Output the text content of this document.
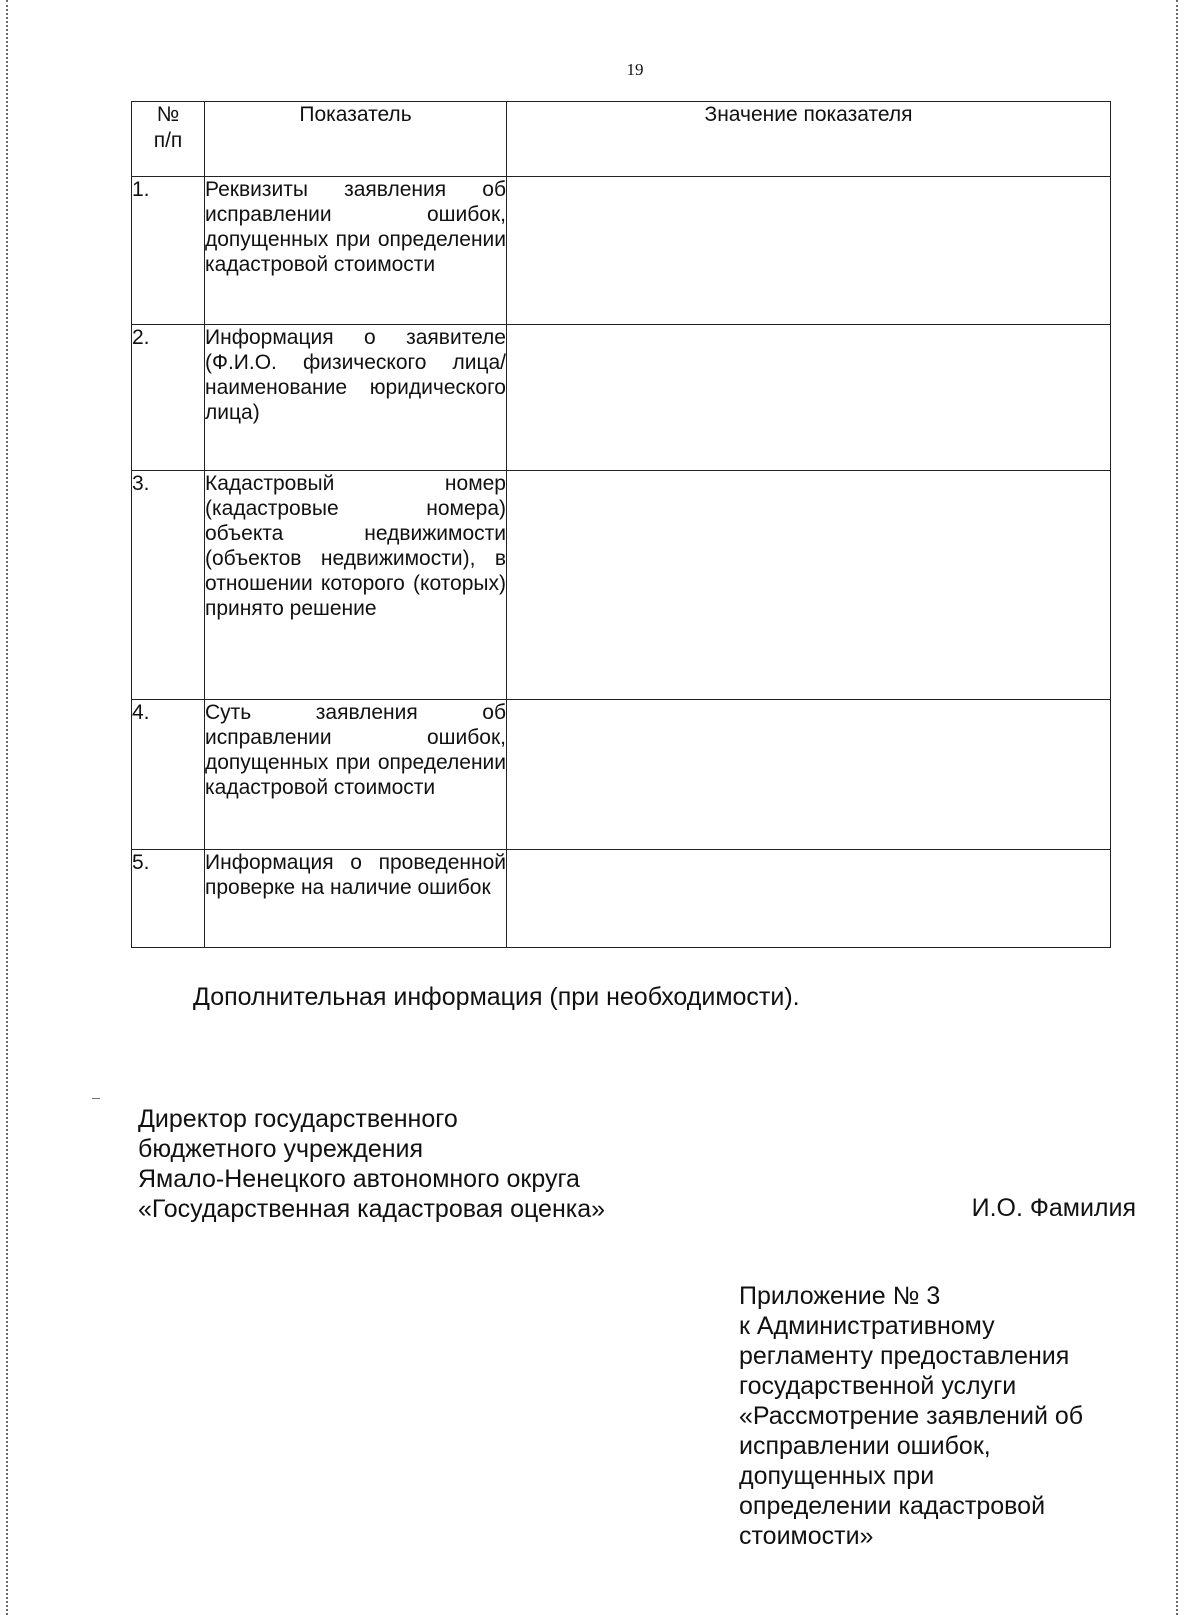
19
№
п/п	Показатель	Значение показателя
1.	Реквизиты заявления об исправлении ошибок, допущенных при определении кадастровой стоимости	
2.	Информация о заявителе (Ф.И.О. физического лица/наименование юридического лица)	
3.	Кадастровый номер (кадастровые номера) объекта недвижимости (объектов недвижимости), в отношении которого (которых) принято решение	
4.	Суть заявления об исправлении ошибок, допущенных при определении кадастровой стоимости	
5.	Информация о проведенной проверке на наличие ошибок	
Дополнительная информация (при необходимости).
Директор государственного
бюджетного учреждения
Ямало-Ненецкого автономного округа
«Государственная кадастровая оценка»	И.О. Фамилия
Приложение № 3
к Административному
регламенту предоставления
государственной услуги
«Рассмотрение заявлений об
исправлении ошибок,
допущенных при
определении кадастровой
стоимости»
